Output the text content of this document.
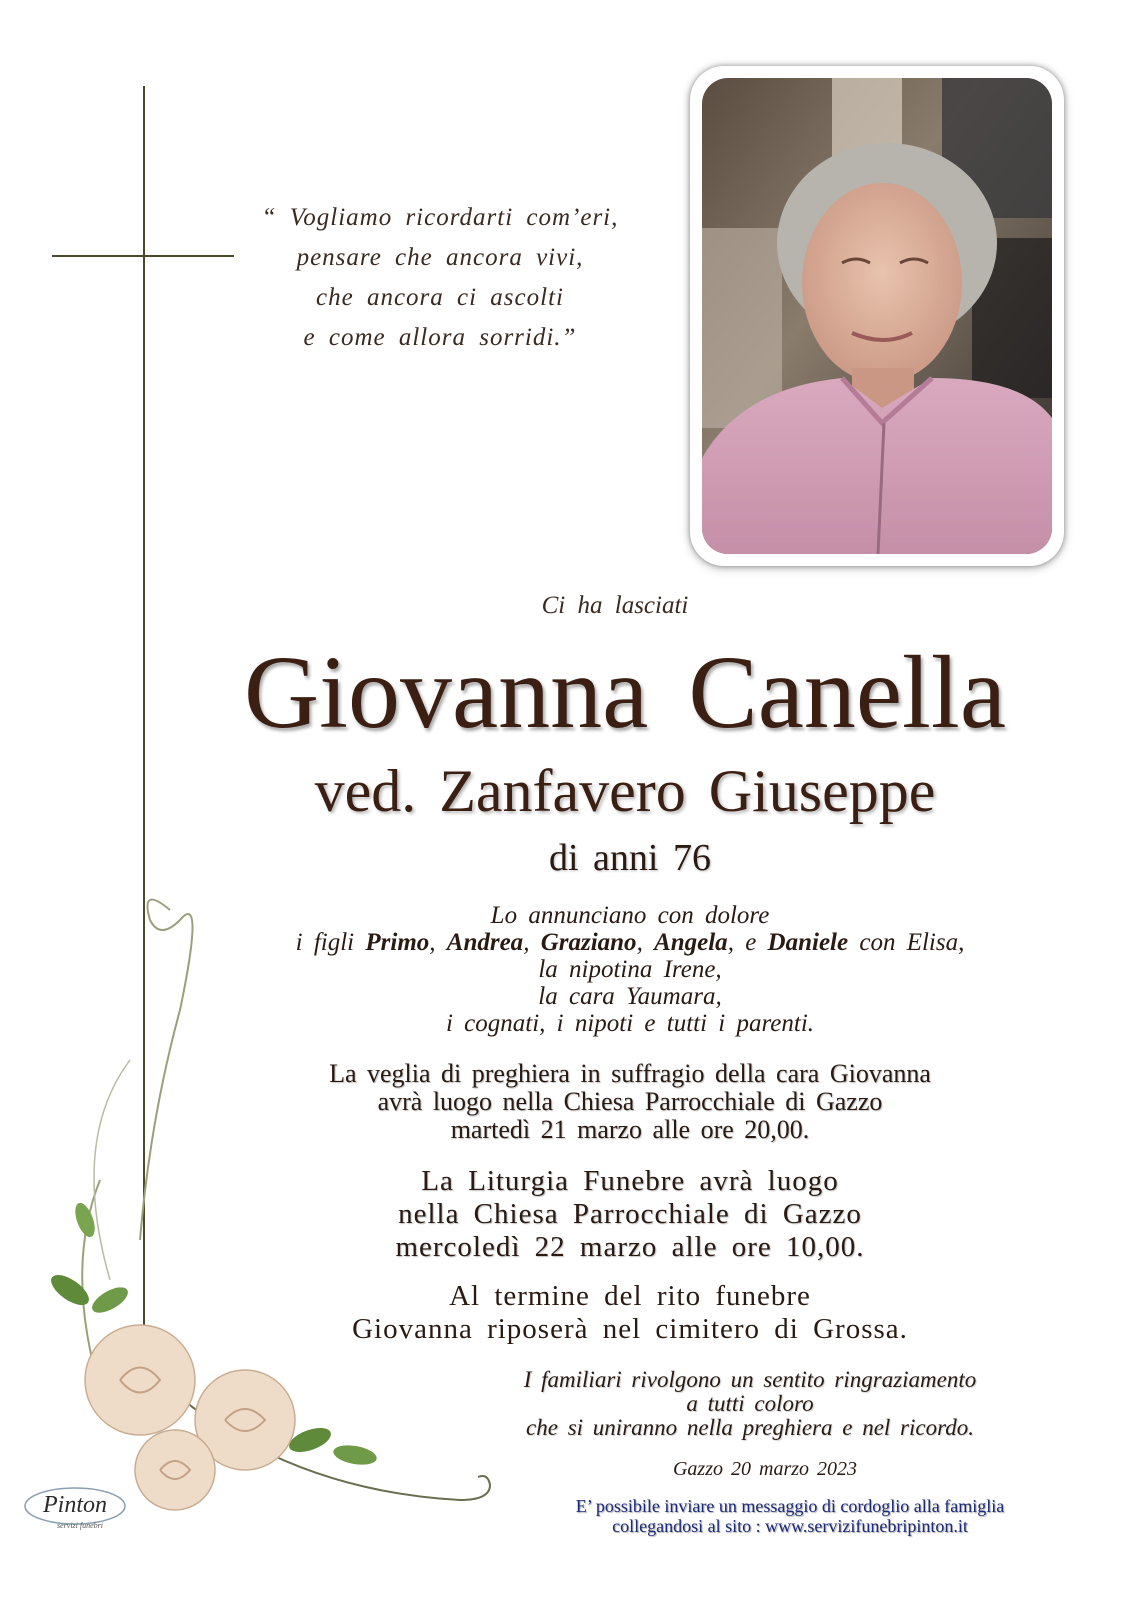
“ Vogliamo ricordarti com’eri,
pensare che ancora vivi,
che ancora ci ascolti
e come allora sorridi.”
Ci ha lasciati
Giovanna Canella
ved. Zanfavero Giuseppe
di anni 76
Lo annunciano con dolore
i figli Primo, Andrea, Graziano, Angela, e Daniele con Elisa,
la nipotina Irene,
la cara Yaumara,
i cognati, i nipoti e tutti i parenti.
La veglia di preghiera in suffragio della cara Giovanna
avrà luogo nella Chiesa Parrocchiale di Gazzo
martedì 21 marzo alle ore 20,00.
La Liturgia Funebre avrà luogo
nella Chiesa Parrocchiale di Gazzo
mercoledì 22 marzo alle ore 10,00.
Al termine del rito funebre
Giovanna riposerà nel cimitero di Grossa.
I familiari rivolgono un sentito ringraziamento
a tutti coloro
che si uniranno nella preghiera e nel ricordo.
Gazzo 20 marzo 2023
E’ possibile inviare un messaggio di cordoglio alla famiglia
collegandosi al sito : www.servizifunebripinton.it
Pinton
servizi funebri
